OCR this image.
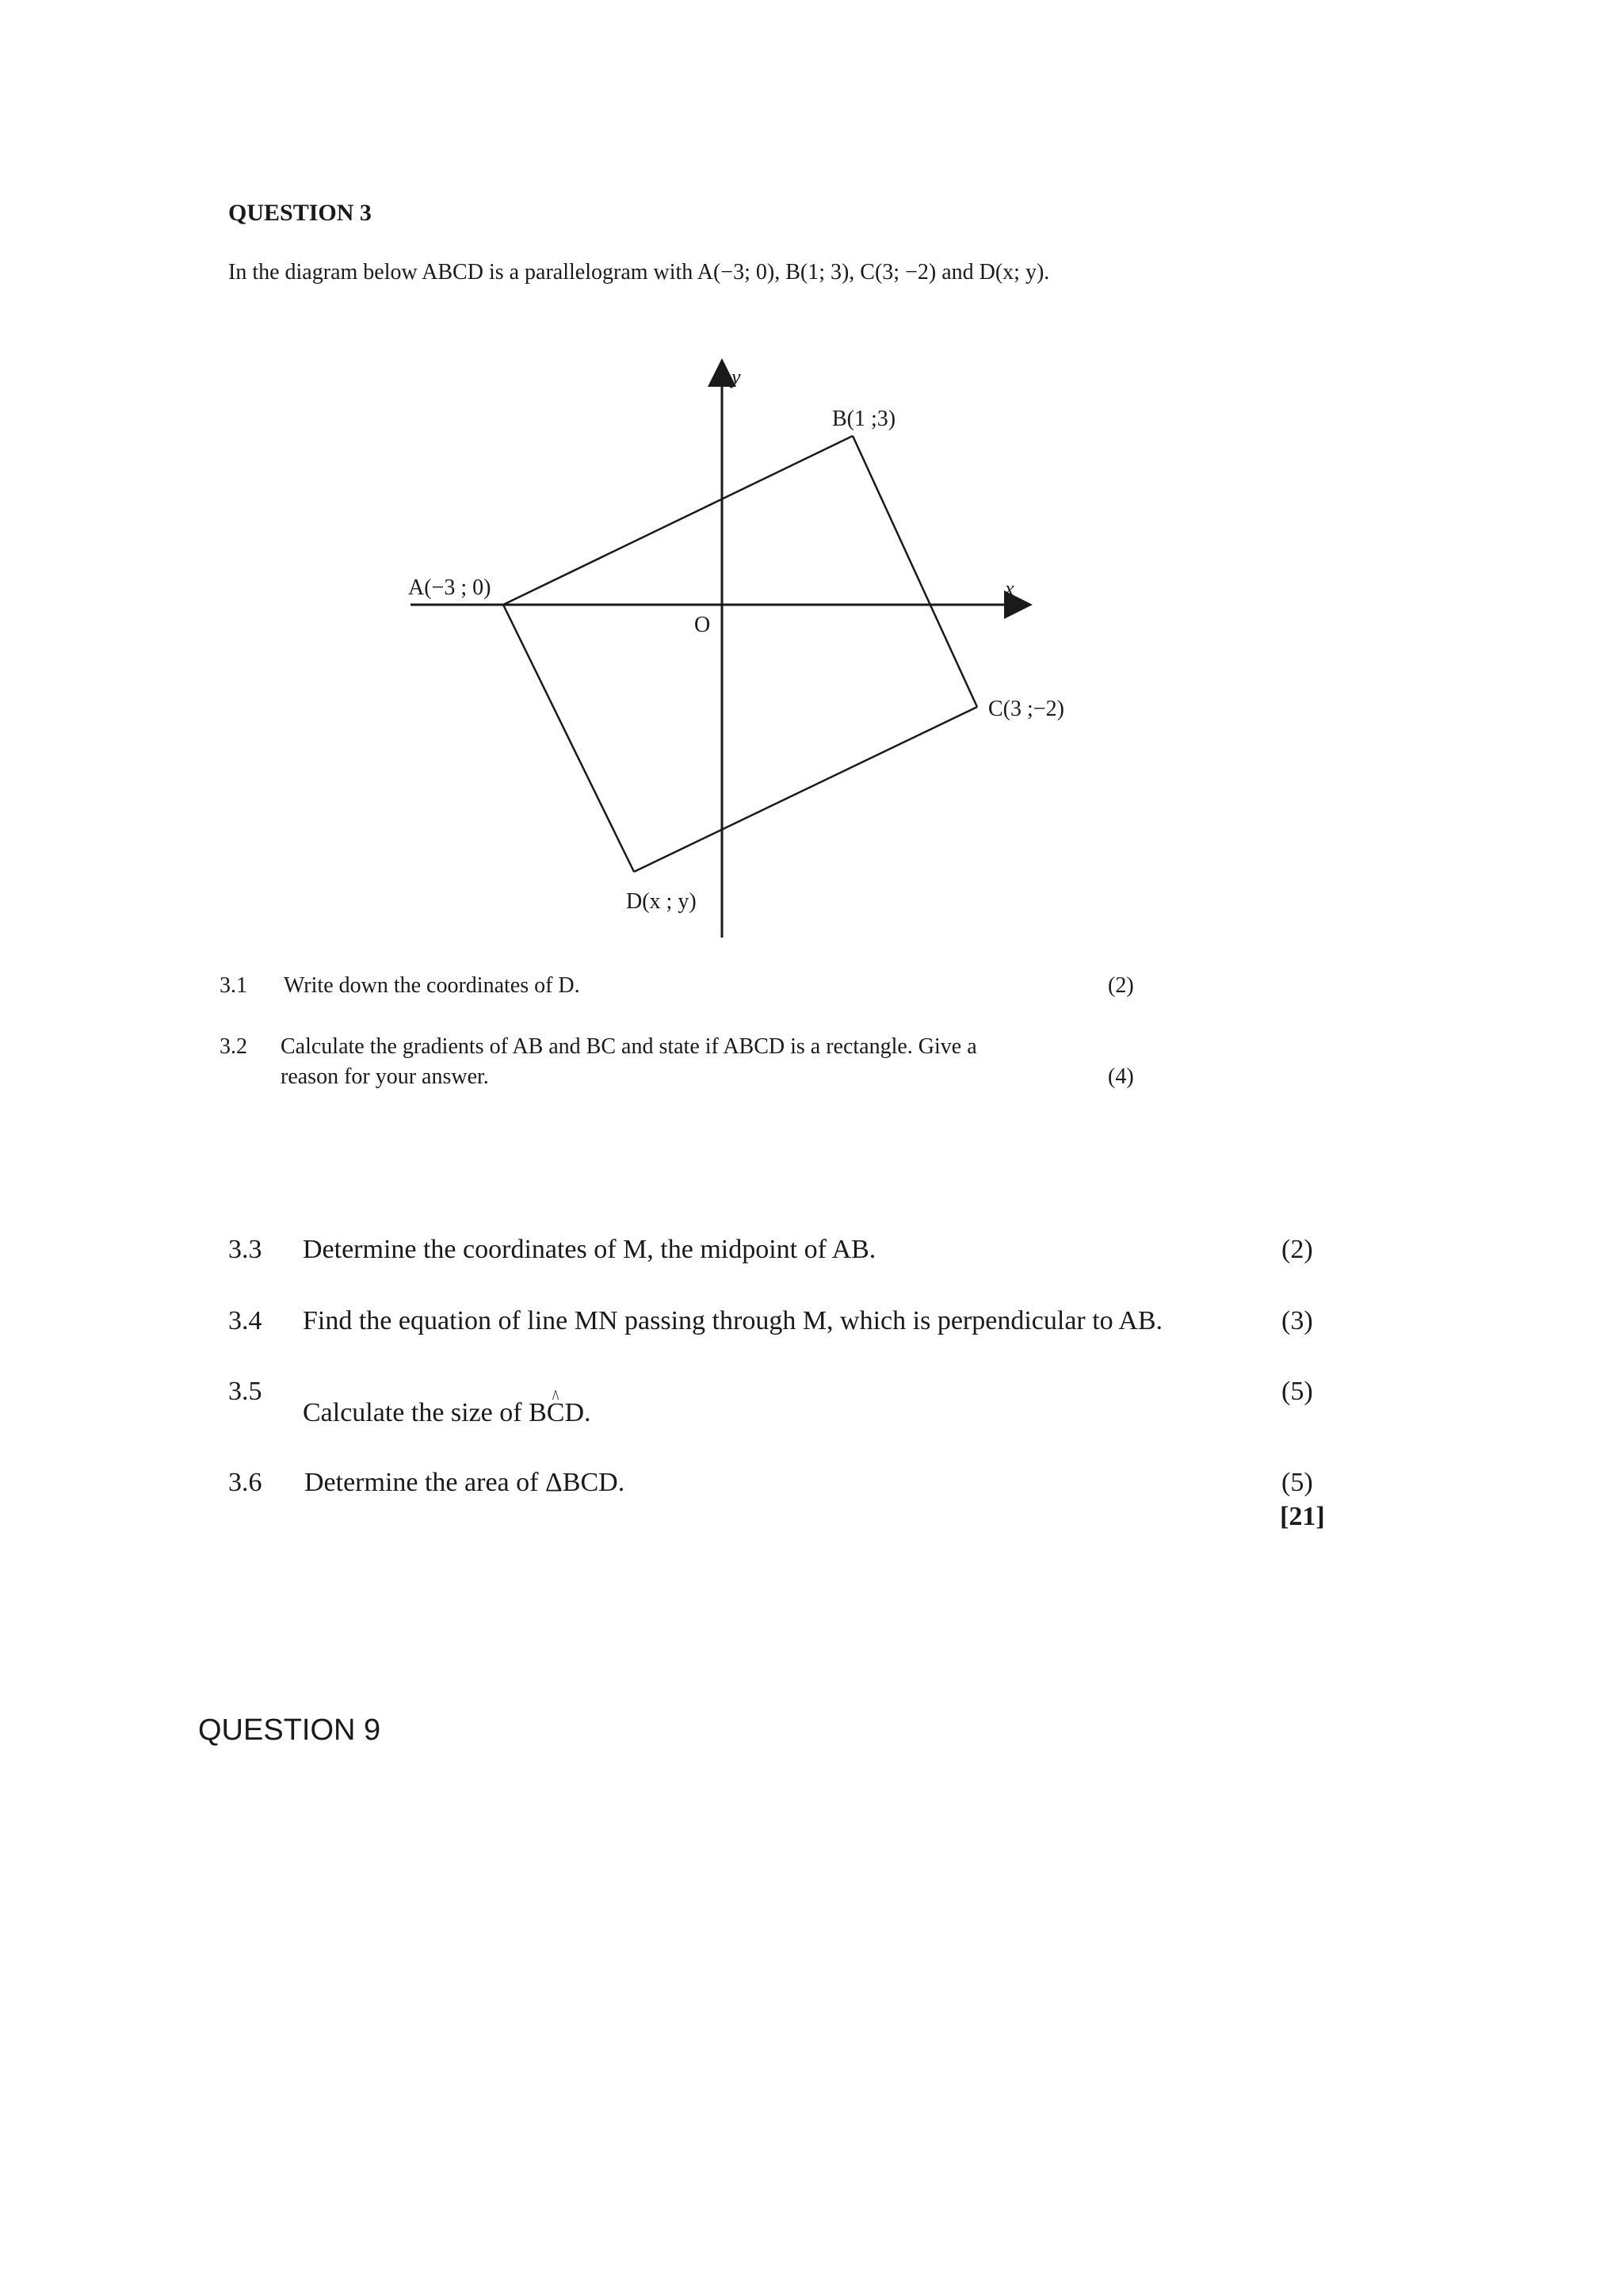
QUESTION 3
In the diagram below ABCD is a parallelogram with A(−3; 0), B(1; 3), C(3; −2) and D(x; y).
A(−3 ; 0)
B(1 ;3)
C(3 ;−2)
D(x ; y)
O
x
y
3.1 Write down the coordinates of D.	(2)
3.2 Calculate the gradients of AB and BC and state if ABCD is a rectangle. Give a
reason for your answer.	(4)
3.3 Determine the coordinates of M, the midpoint of AB.	(2)
3.4 Find the equation of line MN passing through M, which is perpendicular to AB.	(3)
3.5
Calculate the size of B^ CD.
(5)
3.6 Determine the area of ΔBCD.	(5)
[21]
QUESTION 9
